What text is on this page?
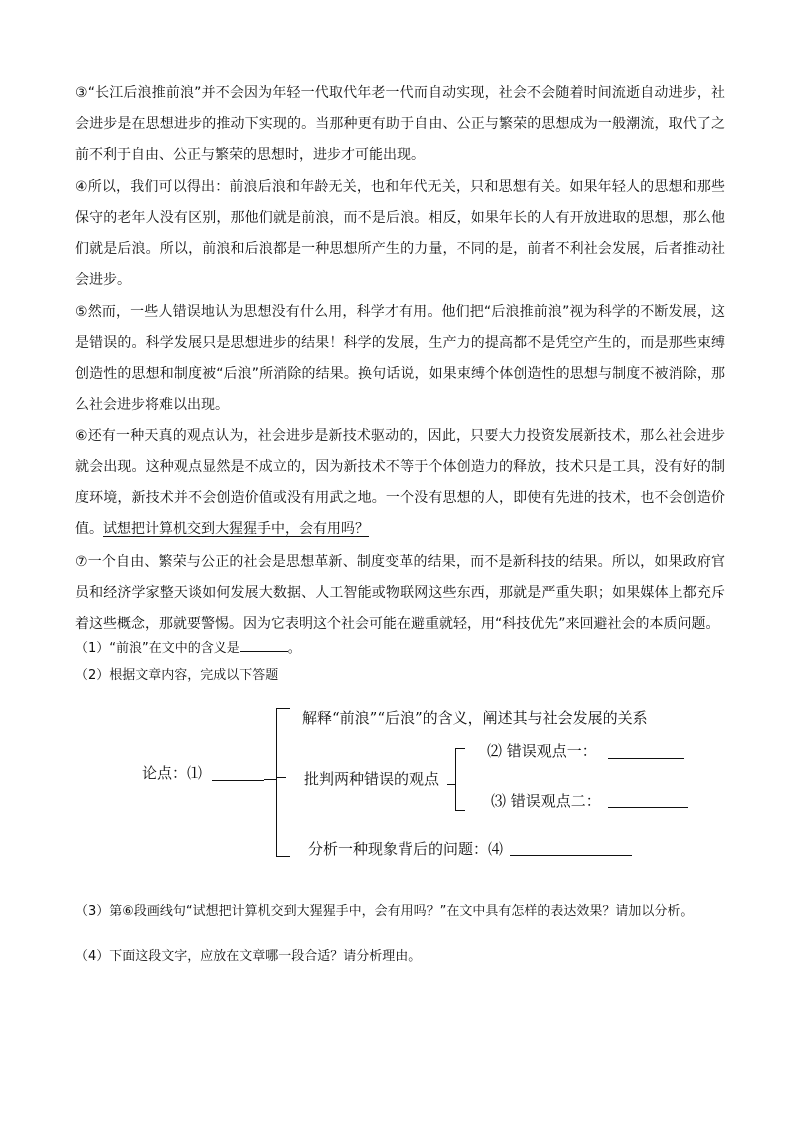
③“长江后浪推前浪”并不会因为年轻一代取代年老一代而自动实现，社会不会随着时间流逝自动进步，社会进步是在思想进步的推动下实现的。当那种更有助于自由、公正与繁荣的思想成为一般潮流，取代了之前不利于自由、公正与繁荣的思想时，进步才可能出现。

④所以，我们可以得出：前浪后浪和年龄无关，也和年代无关，只和思想有关。如果年轻人的思想和那些保守的老年人没有区别，那他们就是前浪，而不是后浪。相反，如果年长的人有开放进取的思想，那么他们就是后浪。所以，前浪和后浪都是一种思想所产生的力量，不同的是，前者不利社会发展，后者推动社会进步。

⑤然而，一些人错误地认为思想没有什么用，科学才有用。他们把“后浪推前浪”视为科学的不断发展，这是错误的。科学发展只是思想进步的结果！科学的发展，生产力的提高都不是凭空产生的，而是那些束缚创造性的思想和制度被“后浪”所消除的结果。换句话说，如果束缚个体创造性的思想与制度不被消除，那么社会进步将难以出现。

⑥还有一种天真的观点认为，社会进步是新技术驱动的，因此，只要大力投资发展新技术，那么社会进步就会出现。这种观点显然是不成立的，因为新技术不等于个体创造力的释放，技术只是工具，没有好的制度环境，新技术并不会创造价值或没有用武之地。一个没有思想的人，即使有先进的技术，也不会创造价值。试想把计算机交到大猩猩手中，会有用吗？

⑦一个自由、繁荣与公正的社会是思想革新、制度变革的结果，而不是新科技的结果。所以，如果政府官员和经济学家整天谈如何发展大数据、人工智能或物联网这些东西，那就是严重失职；如果媒体上都充斥着这些概念，那就要警惕。因为它表明这个社会可能在避重就轻，用“科技优先”来回避社会的本质问题。

（1）“前浪”在文中的含义是	。

（2）根据文章内容，完成以下答题

论点：⑴
解释“前浪”“后浪”的含义，阐述其与社会发展的关系
批判两种错误的观点
⑵ 错误观点一：
⑶ 错误观点二：
分析一种现象背后的问题：⑷

（3）第⑥段画线句“试想把计算机交到大猩猩手中，会有用吗？”在文中具有怎样的表达效果？请加以分析。

（4）下面这段文字，应放在文章哪一段合适？请分析理由。
